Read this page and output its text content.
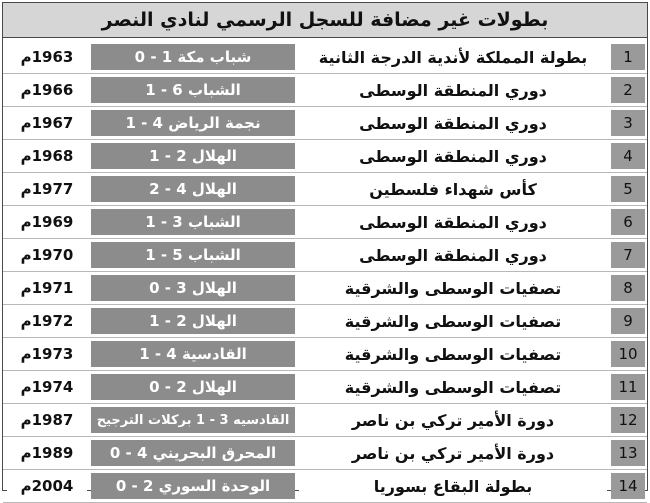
بطولات غير مضافة للسجل الرسمي لنادي النصر
1
بطولة المملكة لأندية الدرجة الثانية
شباب مكة 1 - 0
1963م
2
دوري المنطقة الوسطى
الشباب 6 - 1
1966م
3
دوري المنطقة الوسطى
نجمة الرياض 4 - 1
1967م
4
دوري المنطقة الوسطى
الهلال 2 - 1
1968م
5
كأس شهداء فلسطين
الهلال 4 - 2
1977م
6
دوري المنطقة الوسطى
الشباب 3 - 1
1969م
7
دوري المنطقة الوسطى
الشباب 5 - 1
1970م
8
تصفيات الوسطى والشرقية
الهلال 3 - 0
1971م
9
تصفيات الوسطى والشرقية
الهلال 2 - 1
1972م
10
تصفيات الوسطى والشرقية
القادسية 4 - 1
1973م
11
تصفيات الوسطى والشرقية
الهلال 2 - 0
1974م
12
دورة الأمير تركي بن ناصر
القادسيه 3 - 1 بركلات الترجيح
1987م
13
دورة الأمير تركي بن ناصر
المحرق البحريني 4 - 0
1989م
14
بطولة البقاع بسوريا
الوحدة السوري 2 - 0
2004م
